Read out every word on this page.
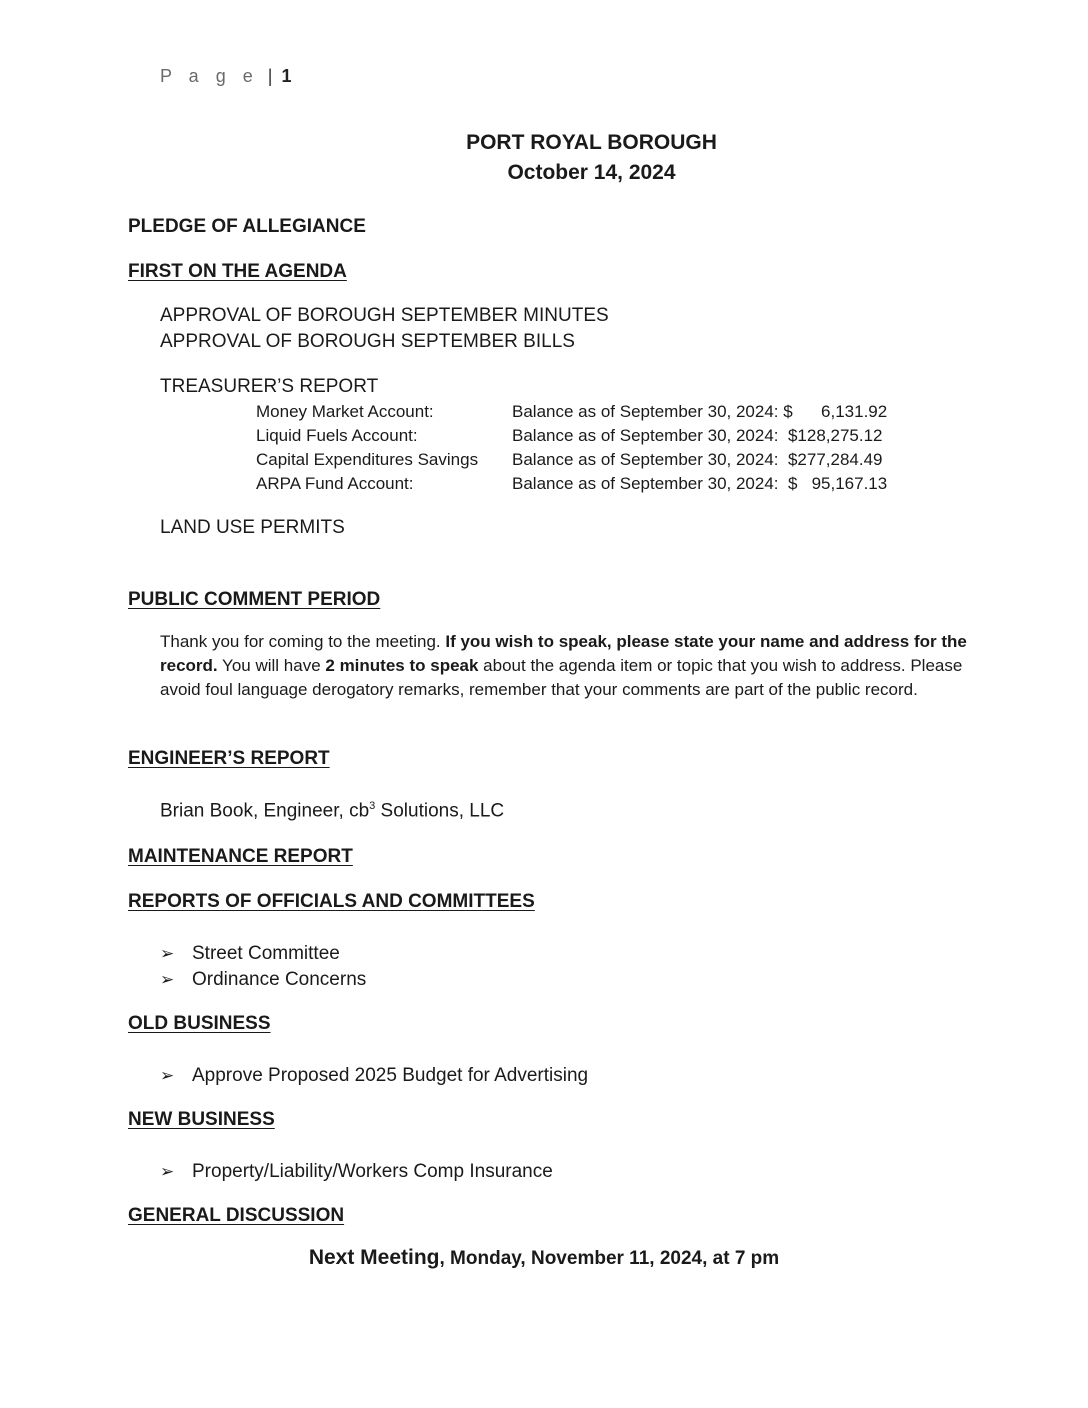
P a g e | 1
PORT ROYAL BOROUGH
October 14, 2024
PLEDGE OF ALLEGIANCE
FIRST ON THE AGENDA
APPROVAL OF BOROUGH SEPTEMBER MINUTES
APPROVAL OF BOROUGH SEPTEMBER BILLS
TREASURER’S REPORT
Money Market Account:	Balance as of September 30, 2024: $      6,131.92
Liquid Fuels Account:	Balance as of September 30, 2024:  $128,275.12
Capital Expenditures Savings Balance as of September 30, 2024:  $277,284.49
ARPA Fund Account:	Balance as of September 30, 2024:  $   95,167.13
LAND USE PERMITS
PUBLIC COMMENT PERIOD
Thank you for coming to the meeting. If you wish to speak, please state your name and address for the record. You will have 2 minutes to speak about the agenda item or topic that you wish to address. Please avoid foul language derogatory remarks, remember that your comments are part of the public record.
ENGINEER’S REPORT
Brian Book, Engineer, $cb^3$ Solutions, LLC
MAINTENANCE REPORT
REPORTS OF OFFICIALS AND COMMITTEES
➢ Street Committee
➢ Ordinance Concerns
OLD BUSINESS
➢ Approve Proposed 2025 Budget for Advertising
NEW BUSINESS
➢ Property/Liability/Workers Comp Insurance
GENERAL DISCUSSION
Next Meeting, Monday, November 11, 2024, at 7 pm
